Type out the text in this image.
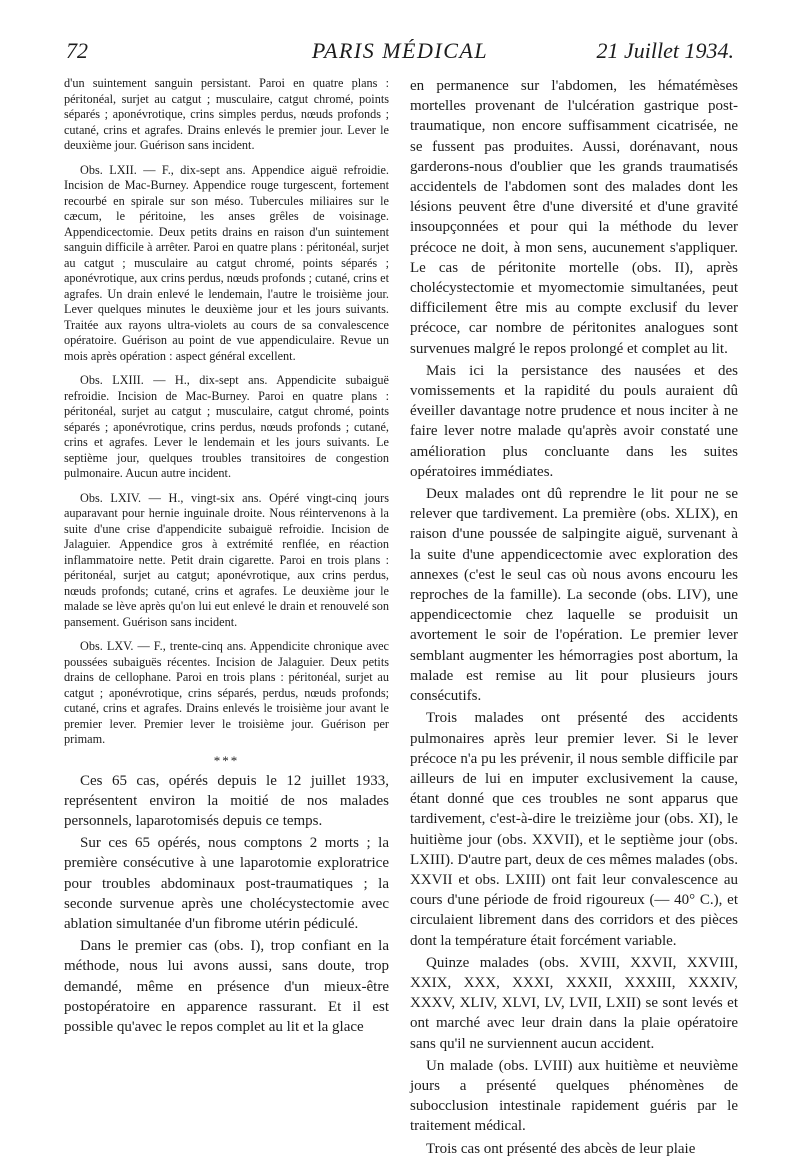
72	PARIS MÉDICAL	21 Juillet 1934.

d'un suintement sanguin persistant. Paroi en quatre plans : péritonéal, surjet au catgut ; musculaire, catgut chromé, points séparés ; aponévrotique, crins simples perdus, nœuds profonds ; cutané, crins et agrafes. Drains enlevés le premier jour. Lever le deuxième jour. Guérison sans incident.

Obs. LXII. — F., dix-sept ans. Appendice aiguë refroidie. Incision de Mac-Burney. Appendice rouge turgescent, fortement recourbé en spirale sur son méso. Tubercules miliaires sur le cæcum, le péritoine, les anses grêles de voisinage. Appendicectomie. Deux petits drains en raison d'un suintement sanguin difficile à arrêter. Paroi en quatre plans : péritonéal, surjet au catgut ; musculaire au catgut chromé, points séparés ; aponévrotique, aux crins perdus, nœuds profonds ; cutané, crins et agrafes. Un drain enlevé le lendemain, l'autre le troisième jour. Lever quelques minutes le deuxième jour et les jours suivants. Traitée aux rayons ultra-violets au cours de sa convalescence opératoire. Guérison au point de vue appendiculaire. Revue un mois après opération : aspect général excellent.

Obs. LXIII. — H., dix-sept ans. Appendicite subaiguë refroidie. Incision de Mac-Burney. Paroi en quatre plans : péritonéal, surjet au catgut ; musculaire, catgut chromé, points séparés ; aponévrotique, crins perdus, nœuds profonds ; cutané, crins et agrafes. Lever le lendemain et les jours suivants. Le septième jour, quelques troubles transitoires de congestion pulmonaire. Aucun autre incident.

Obs. LXIV. — H., vingt-six ans. Opéré vingt-cinq jours auparavant pour hernie inguinale droite. Nous réintervenons à la suite d'une crise d'appendicite subaiguë refroidie. Incision de Jalaguier. Appendice gros à extrémité renflée, en réaction inflammatoire nette. Petit drain cigarette. Paroi en trois plans : péritonéal, surjet au catgut; aponévrotique, aux crins perdus, nœuds profonds; cutané, crins et agrafes. Le deuxième jour le malade se lève après qu'on lui eut enlevé le drain et renouvelé son pansement. Guérison sans incident.

Obs. LXV. — F., trente-cinq ans. Appendicite chronique avec poussées subaiguës récentes. Incision de Jalaguier. Deux petits drains de cellophane. Paroi en trois plans : péritonéal, surjet au catgut ; aponévrotique, crins séparés, perdus, nœuds profonds; cutané, crins et agrafes. Drains enlevés le troisième jour avant le premier lever. Premier lever le troisième jour. Guérison per primam.

***

Ces 65 cas, opérés depuis le 12 juillet 1933, représentent environ la moitié de nos malades personnels, laparotomisés depuis ce temps.

Sur ces 65 opérés, nous comptons 2 morts ; la première consécutive à une laparotomie exploratrice pour troubles abdominaux post-traumatiques ; la seconde survenue après une cholécystectomie avec ablation simultanée d'un fibrome utérin pédiculé.

Dans le premier cas (obs. I), trop confiant en la méthode, nous lui avons aussi, sans doute, trop demandé, même en présence d'un mieux-être postopératoire en apparence rassurant. Et il est possible qu'avec le repos complet au lit et la glace

en permanence sur l'abdomen, les hématémèses mortelles provenant de l'ulcération gastrique post-traumatique, non encore suffisamment cicatrisée, ne se fussent pas produites. Aussi, dorénavant, nous garderons-nous d'oublier que les grands traumatisés accidentels de l'abdomen sont des malades dont les lésions peuvent être d'une diversité et d'une gravité insoupçonnées et pour qui la méthode du lever précoce ne doit, à mon sens, aucunement s'appliquer. Le cas de péritonite mortelle (obs. II), après cholécystectomie et myomectomie simultanées, peut difficilement être mis au compte exclusif du lever précoce, car nombre de péritonites analogues sont survenues malgré le repos prolongé et complet au lit.

Mais ici la persistance des nausées et des vomissements et la rapidité du pouls auraient dû éveiller davantage notre prudence et nous inciter à ne faire lever notre malade qu'après avoir constaté une amélioration plus concluante dans les suites opératoires immédiates.

Deux malades ont dû reprendre le lit pour ne se relever que tardivement. La première (obs. XLIX), en raison d'une poussée de salpingite aiguë, survenant à la suite d'une appendicectomie avec exploration des annexes (c'est le seul cas où nous avons encouru les reproches de la famille). La seconde (obs. LIV), une appendicectomie chez laquelle se produisit un avortement le soir de l'opération. Le premier lever semblant augmenter les hémorragies post abortum, la malade est remise au lit pour plusieurs jours consécutifs.

Trois malades ont présenté des accidents pulmonaires après leur premier lever. Si le lever précoce n'a pu les prévenir, il nous semble difficile par ailleurs de lui en imputer exclusivement la cause, étant donné que ces troubles ne sont apparus que tardivement, c'est-à-dire le treizième jour (obs. XI), le huitième jour (obs. XXVII), et le septième jour (obs. LXIII). D'autre part, deux de ces mêmes malades (obs. XXVII et obs. LXIII) ont fait leur convalescence au cours d'une période de froid rigoureux (— 40° C.), et circulaient librement dans des corridors et des pièces dont la température était forcément variable.

Quinze malades (obs. XVIII, XXVII, XXVIII, XXIX, XXX, XXXI, XXXII, XXXIII, XXXIV, XXXV, XLIV, XLVI, LV, LVII, LXII) se sont levés et ont marché avec leur drain dans la plaie opératoire sans qu'il ne surviennent aucun accident.

Un malade (obs. LVIII) aux huitième et neuvième jours a présenté quelques phénomènes de subocclusion intestinale rapidement guéris par le traitement médical.

Trois cas ont présenté des abcès de leur plaie
